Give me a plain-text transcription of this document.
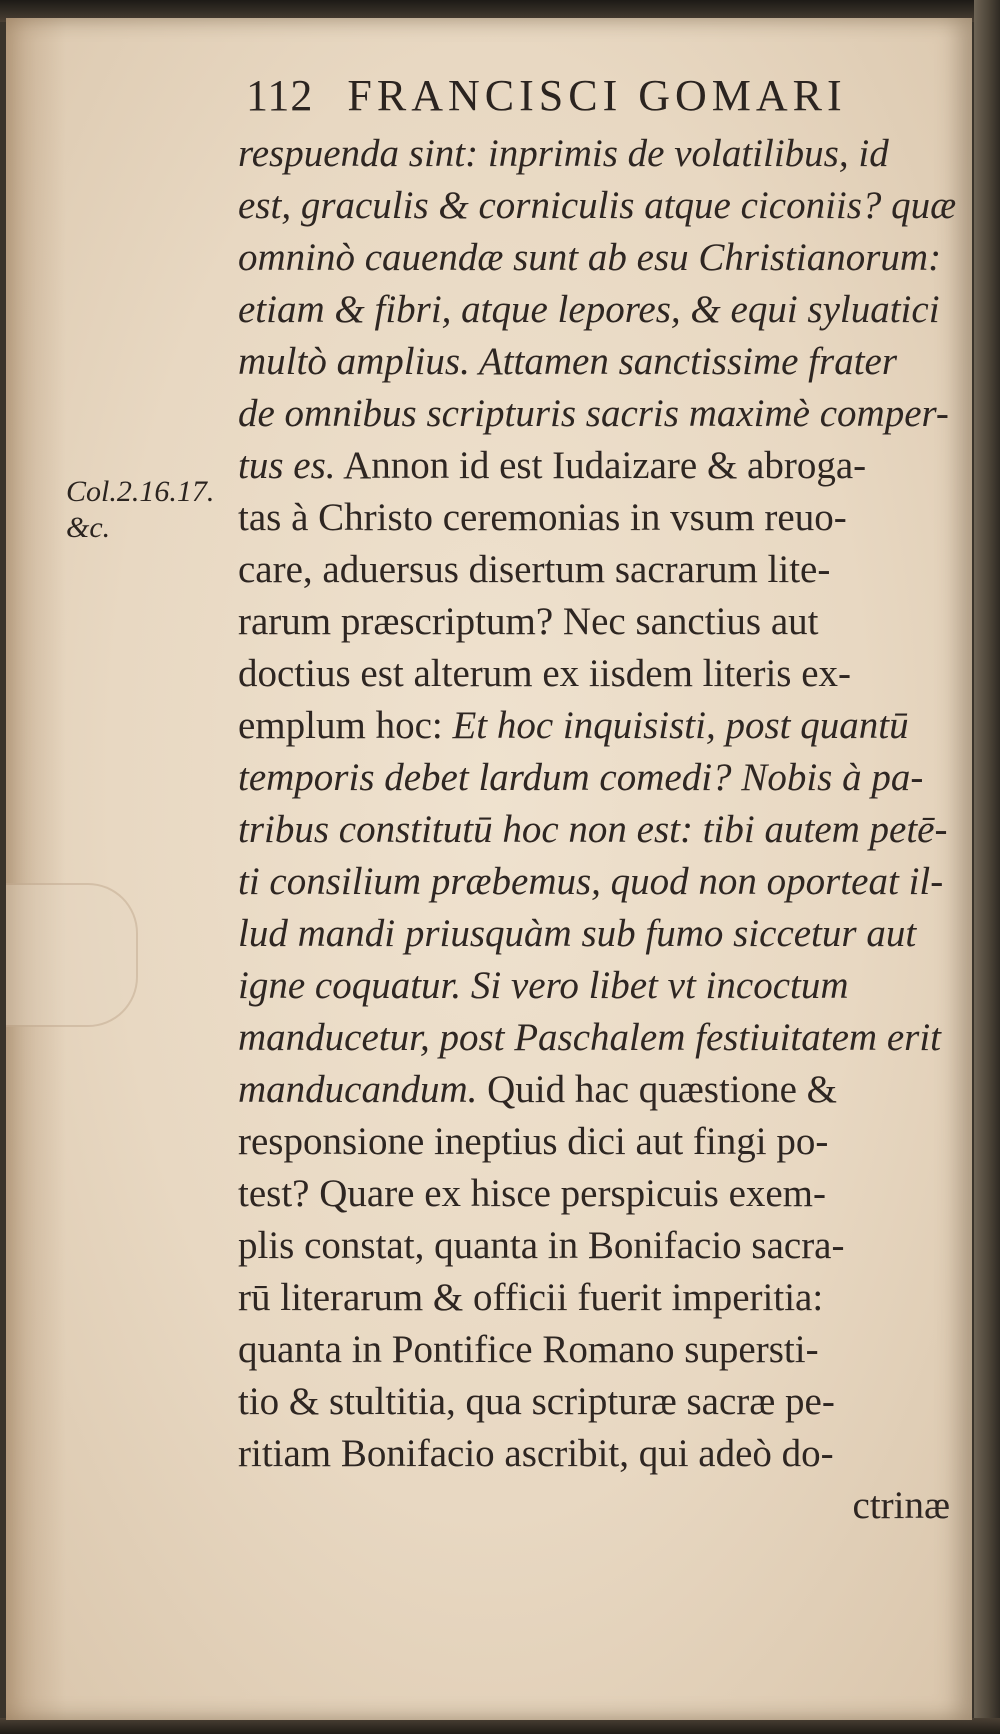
112 FRANCISCI GOMARI
Col.2.16.17.
&c.
respuenda sint: inprimis de volatilibus, id
est, graculis & corniculis atque ciconiis? quæ
omninò cauendæ sunt ab esu Christianorum:
etiam & fibri, atque lepores, & equi syluatici
multò amplius. Attamen sanctissime frater
de omnibus scripturis sacris maximè comper-
tus es. Annon id est Iudaizare & abroga-
tas à Christo ceremonias in vsum reuo-
care, aduersus disertum sacrarum lite-
rarum præscriptum? Nec sanctius aut
doctius est alterum ex iisdem literis ex-
emplum hoc: Et hoc inquisisti, post quantū
temporis debet lardum comedi? Nobis à pa-
tribus constitutū hoc non est: tibi autem petē-
ti consilium præbemus, quod non oporteat il-
lud mandi priusquàm sub fumo siccetur aut
igne coquatur. Si vero libet vt incoctum
manducetur, post Paschalem festiuitatem erit
manducandum. Quid hac quæstione &
responsione ineptius dici aut fingi po-
test? Quare ex hisce perspicuis exem-
plis constat, quanta in Bonifacio sacra-
rū literarum & officii fuerit imperitia:
quanta in Pontifice Romano supersti-
tio & stultitia, qua scripturæ sacræ pe-
ritiam Bonifacio ascribit, qui adeò do-
ctrinæ
